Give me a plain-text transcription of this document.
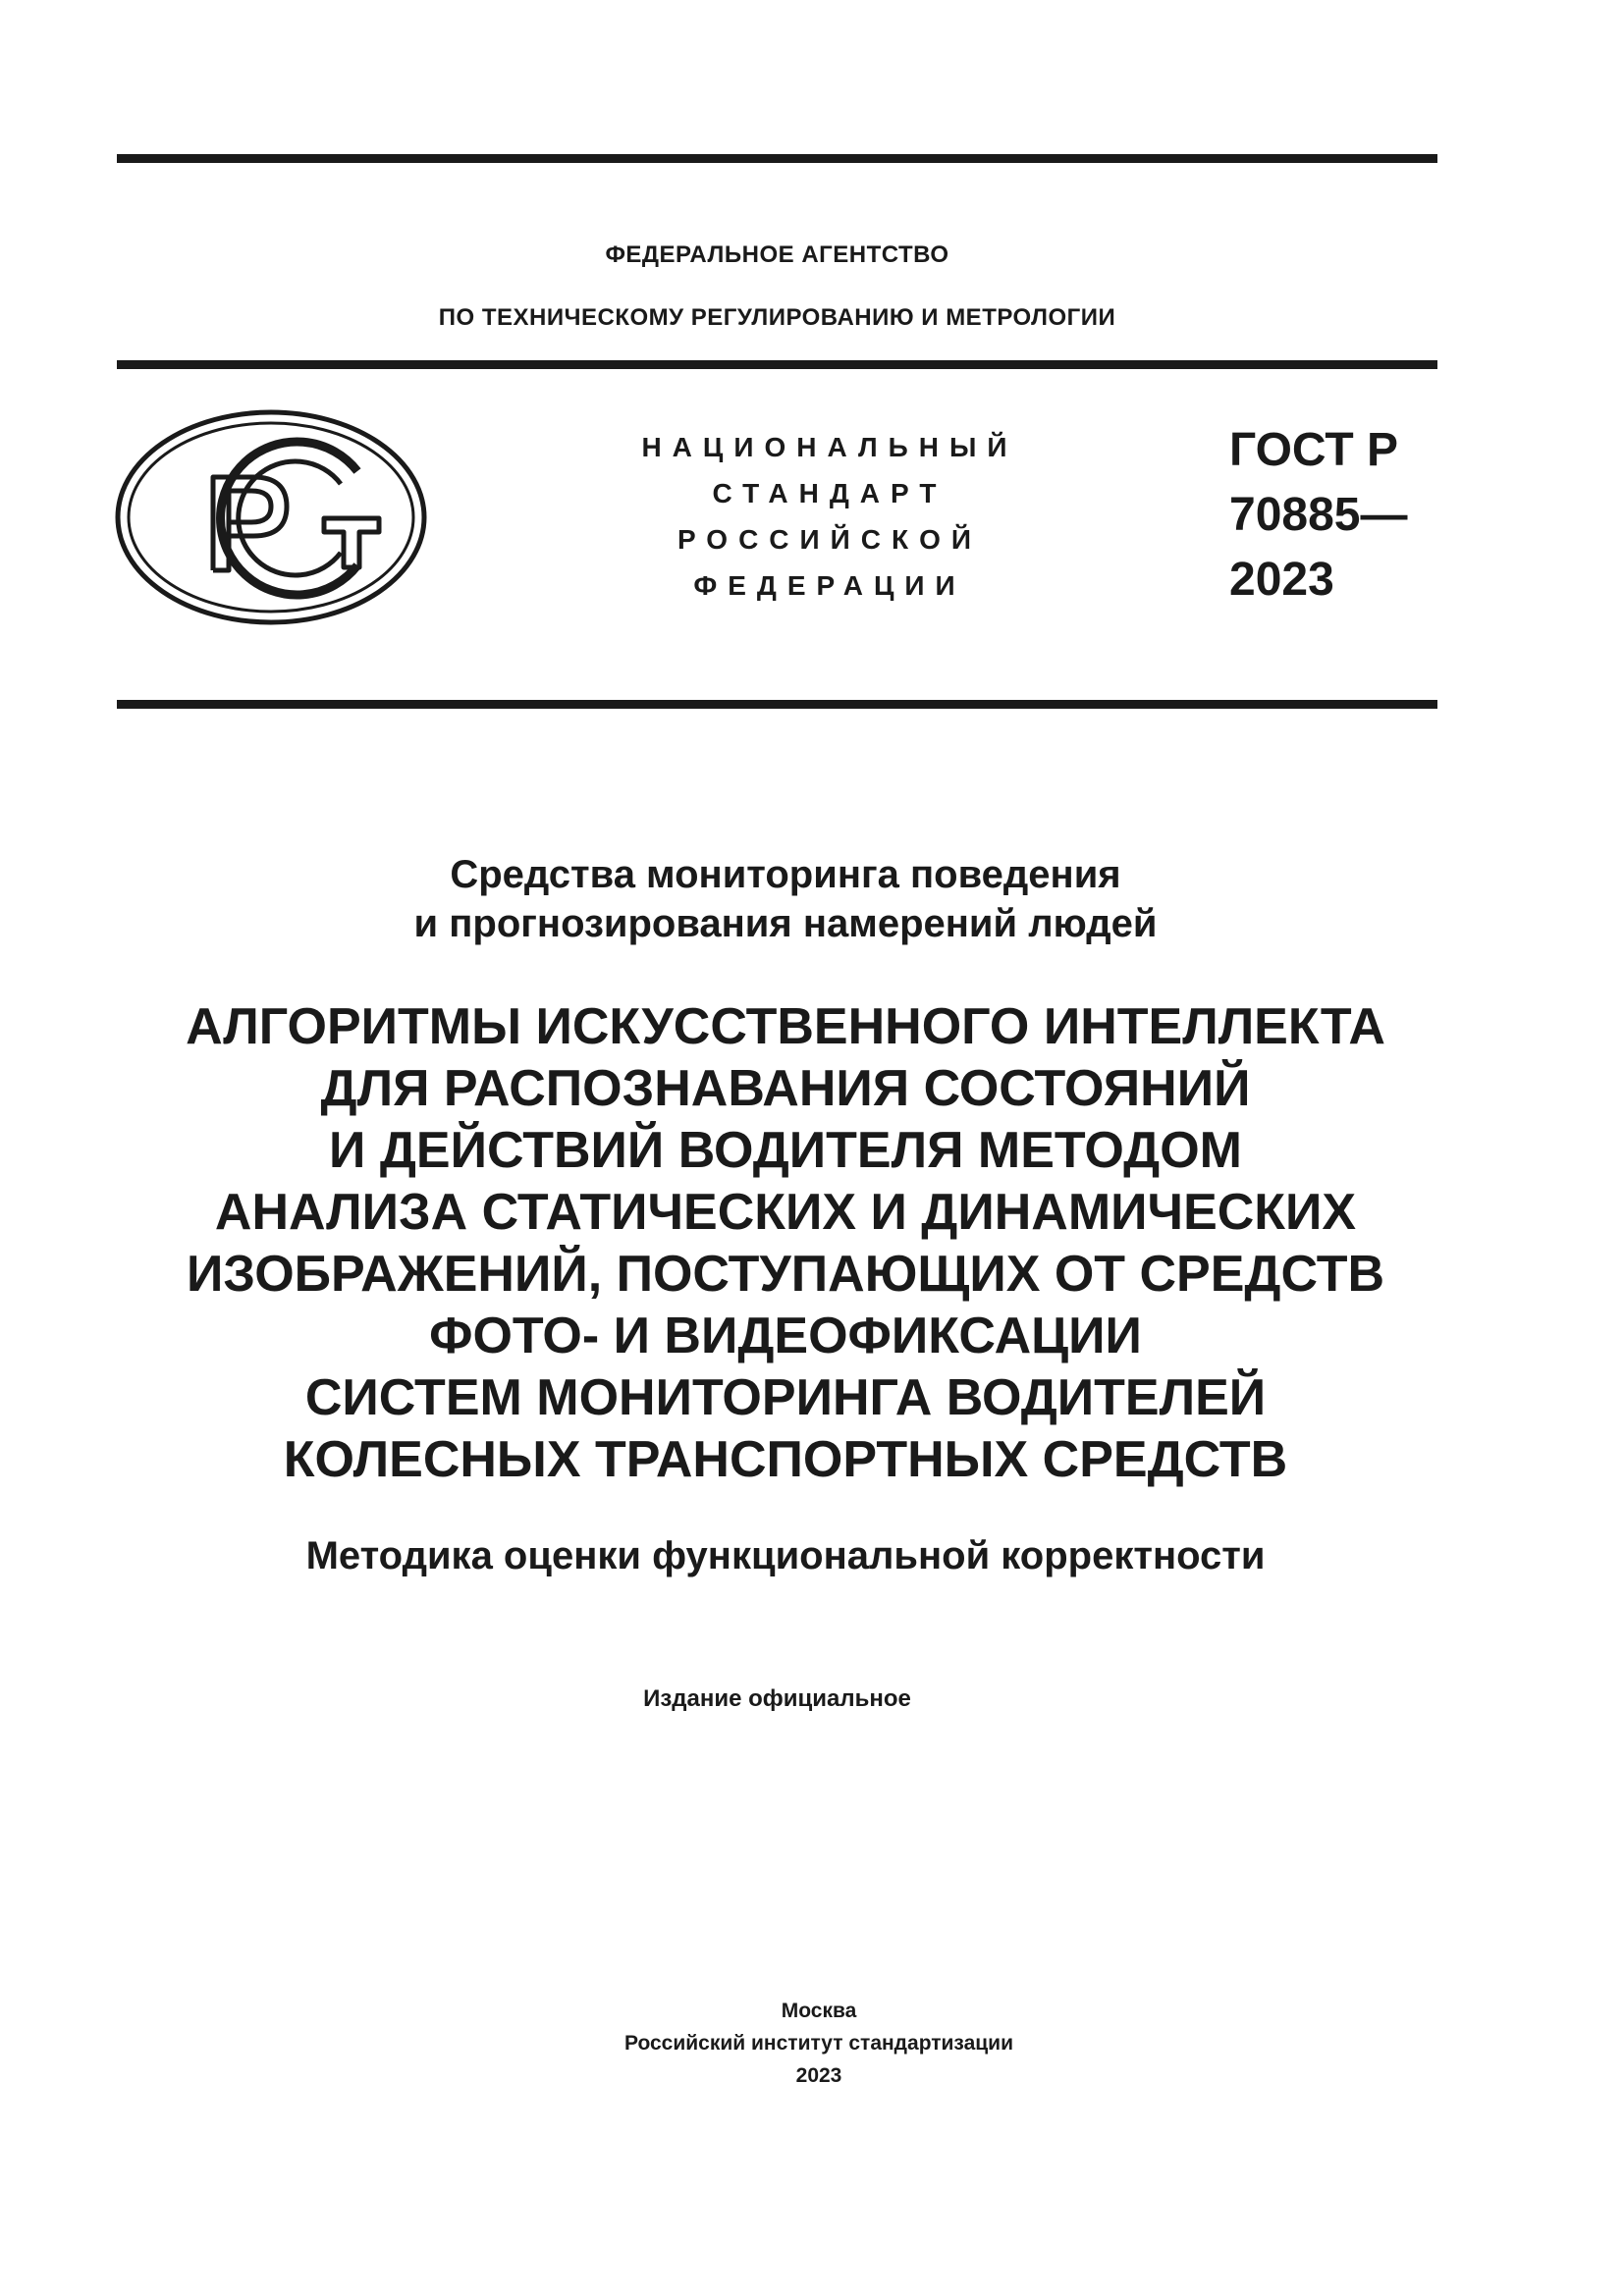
ФЕДЕРАЛЬНОЕ АГЕНТСТВО
ПО ТЕХНИЧЕСКОМУ РЕГУЛИРОВАНИЮ И МЕТРОЛОГИИ
НАЦИОНАЛЬНЫЙ
СТАНДАРТ
РОССИЙСКОЙ
ФЕДЕРАЦИИ
ГОСТ Р
70885—
2023
Средства мониторинга поведения
и прогнозирования намерений людей
АЛГОРИТМЫ ИСКУССТВЕННОГО ИНТЕЛЛЕКТА
ДЛЯ РАСПОЗНАВАНИЯ СОСТОЯНИЙ
И ДЕЙСТВИЙ ВОДИТЕЛЯ МЕТОДОМ
АНАЛИЗА СТАТИЧЕСКИХ И ДИНАМИЧЕСКИХ
ИЗОБРАЖЕНИЙ, ПОСТУПАЮЩИХ ОТ СРЕДСТВ
ФОТО- И ВИДЕОФИКСАЦИИ
СИСТЕМ МОНИТОРИНГА ВОДИТЕЛЕЙ
КОЛЕСНЫХ ТРАНСПОРТНЫХ СРЕДСТВ
Методика оценки функциональной корректности
Издание официальное
Москва
Российский институт стандартизации
2023
